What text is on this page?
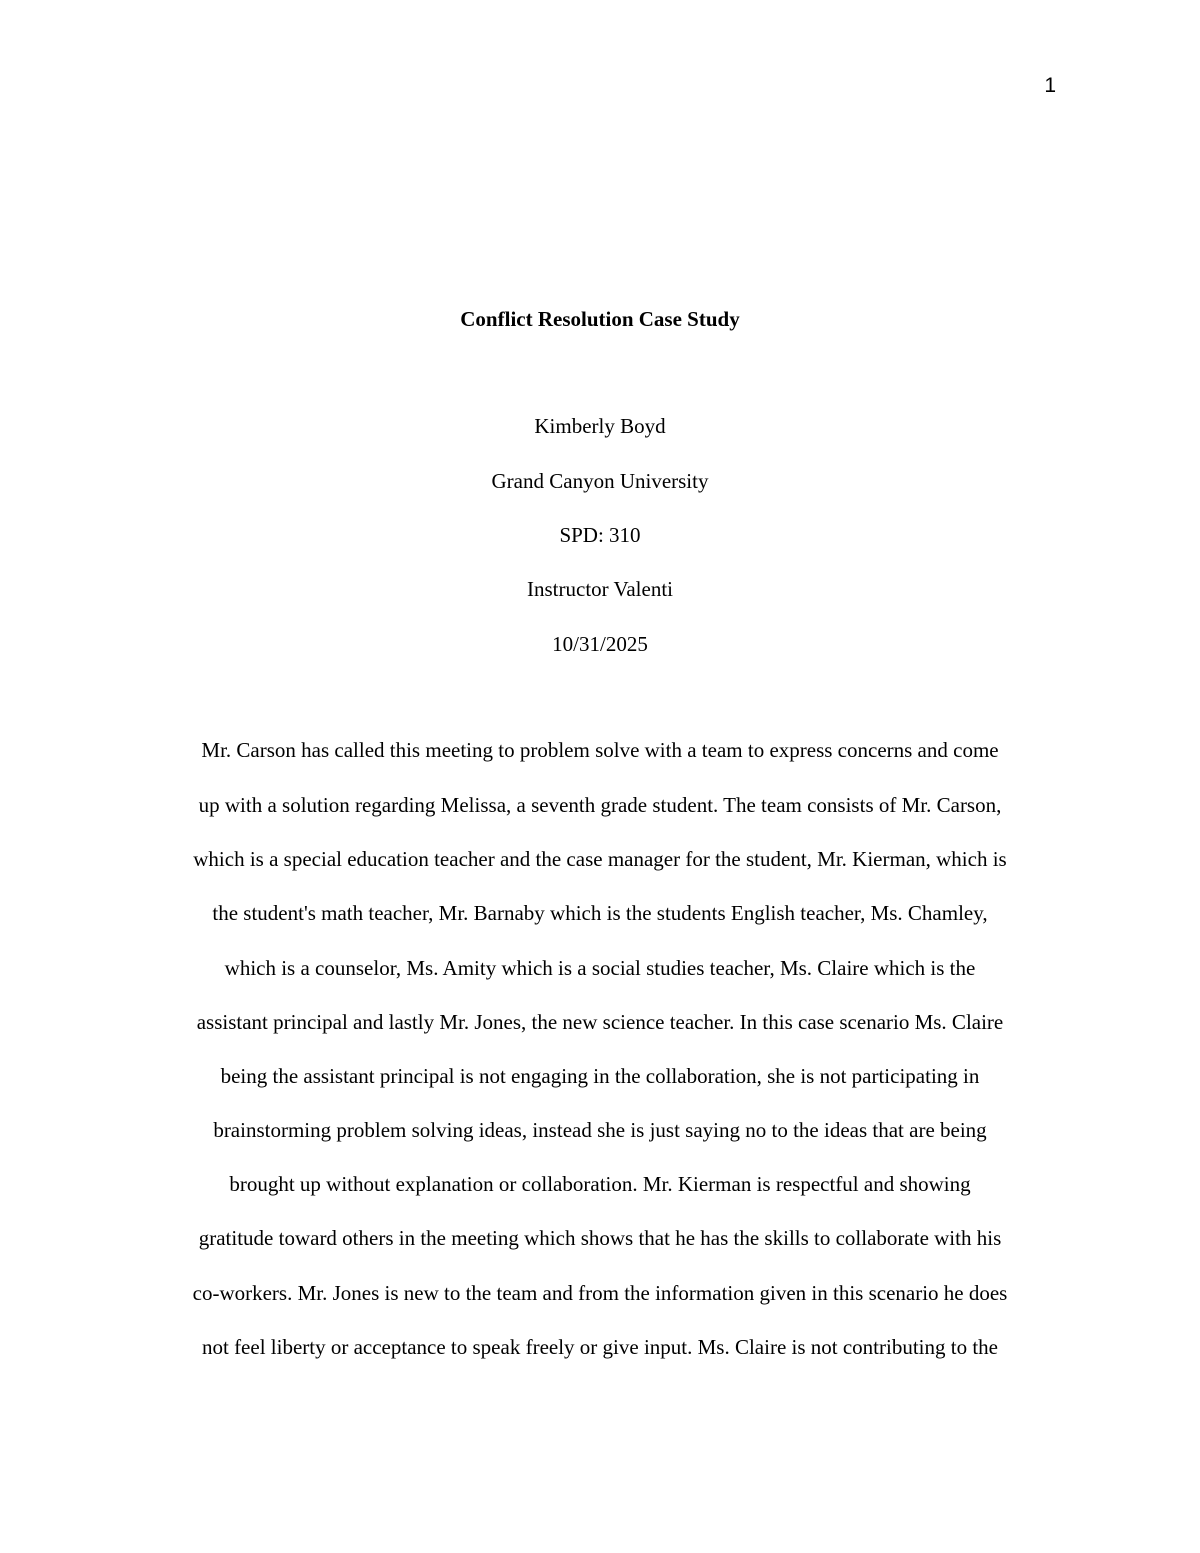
1
Conflict Resolution Case Study
Kimberly Boyd
Grand Canyon University
SPD: 310
Instructor Valenti
10/31/2025
Mr. Carson has called this meeting to problem solve with a team to express concerns and come
up with a solution regarding Melissa, a seventh grade student. The team consists of Mr. Carson,
which is a special education teacher and the case manager for the student, Mr. Kierman, which is
the student's math teacher, Mr. Barnaby which is the students English teacher, Ms. Chamley,
which is a counselor, Ms. Amity which is a social studies teacher, Ms. Claire which is the
assistant principal and lastly Mr. Jones, the new science teacher. In this case scenario Ms. Claire
being the assistant principal is not engaging in the collaboration, she is not participating in
brainstorming problem solving ideas, instead she is just saying no to the ideas that are being
brought up without explanation or collaboration. Mr. Kierman is respectful and showing
gratitude toward others in the meeting which shows that he has the skills to collaborate with his
co-workers. Mr. Jones is new to the team and from the information given in this scenario he does
not feel liberty or acceptance to speak freely or give input. Ms. Claire is not contributing to the
